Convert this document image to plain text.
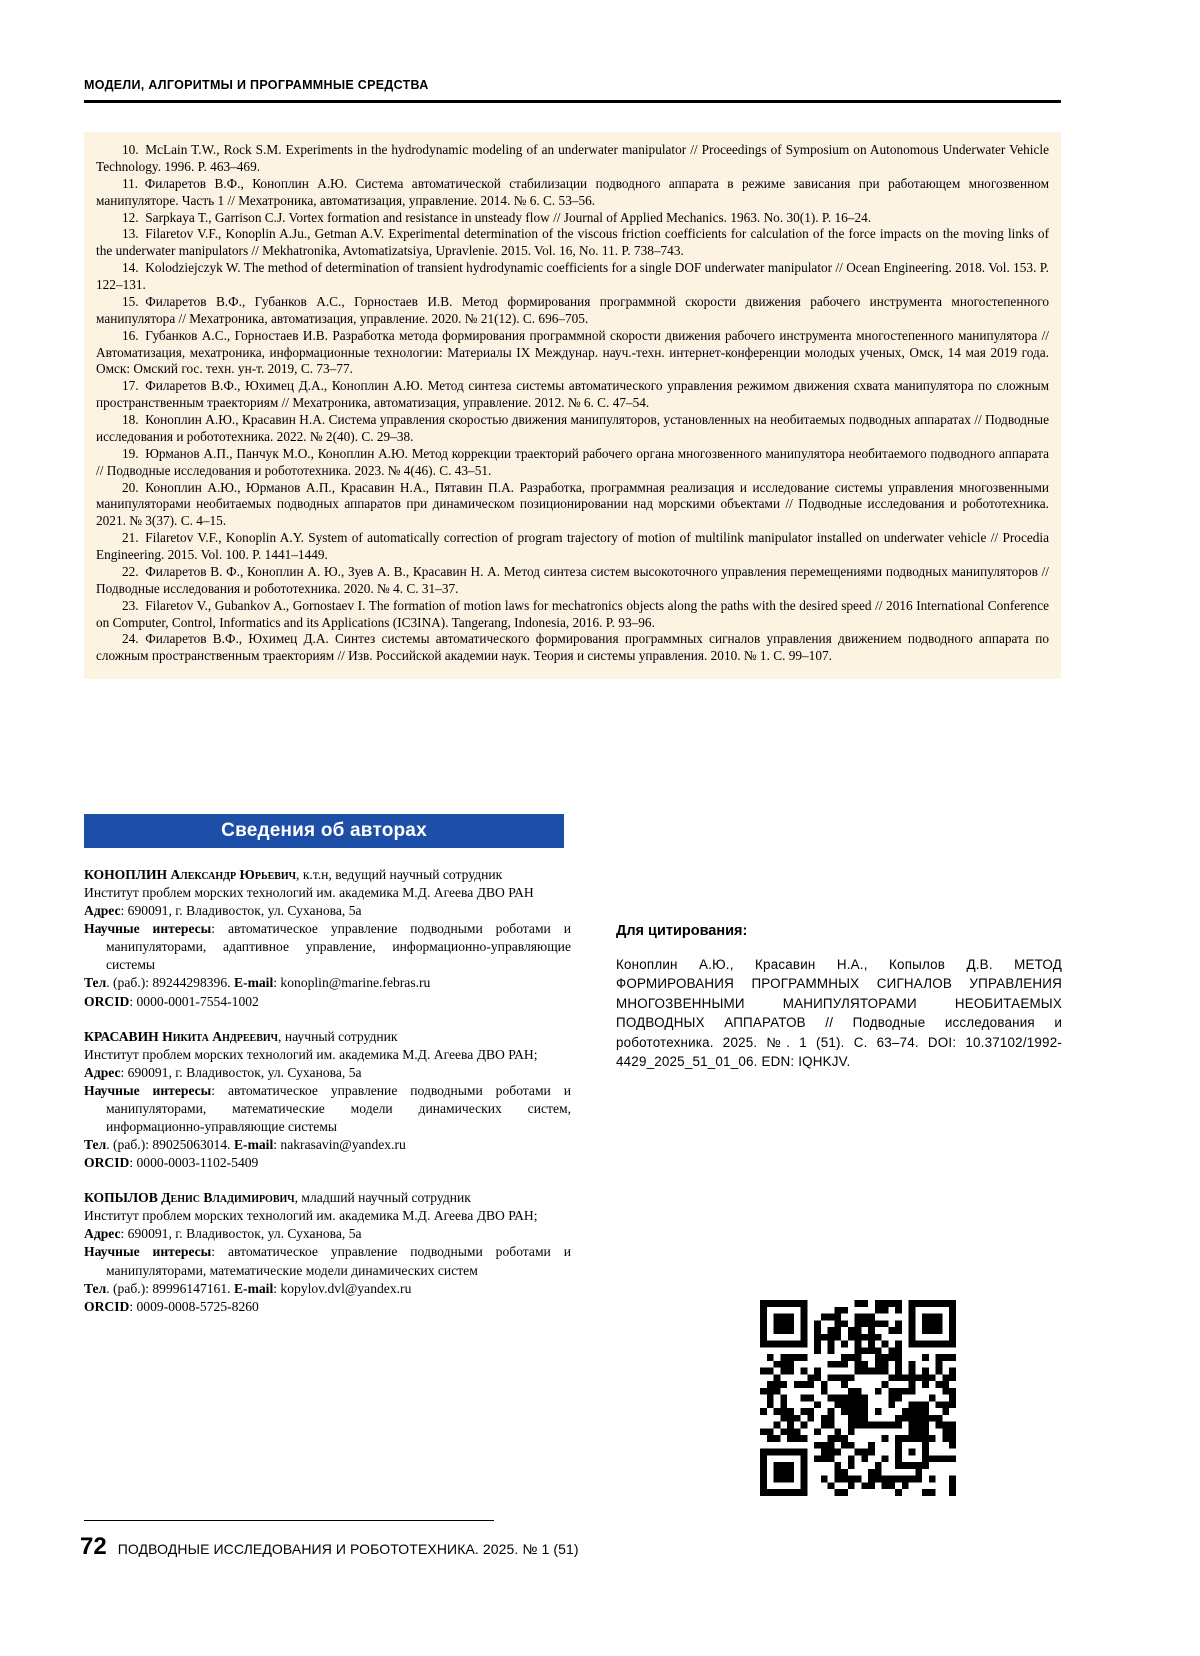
МОДЕЛИ, АЛГОРИТМЫ И ПРОГРАММНЫЕ СРЕДСТВА

10. McLain T.W., Rock S.M. Experiments in the hydrodynamic modeling of an underwater manipulator // Proceedings of Symposium on Autonomous Underwater Vehicle Technology. 1996. P. 463–469.

11. Филаретов В.Ф., Коноплин А.Ю. Система автоматической стабилизации подводного аппарата в режиме зависания при работающем многозвенном манипуляторе. Часть 1 // Мехатроника, автоматизация, управление. 2014. № 6. С. 53–56.

12. Sarpkaya T., Garrison C.J. Vortex formation and resistance in unsteady flow // Journal of Applied Mechanics. 1963. No. 30(1). P. 16–24.

13. Filaretov V.F., Konoplin A.Ju., Getman A.V. Experimental determination of the viscous friction coefficients for calculation of the force impacts on the moving links of the underwater manipulators // Mekhatronika, Avtomatizatsiya, Upravlenie. 2015. Vol. 16, No. 11. P. 738–743.

14. Kolodziejczyk W. The method of determination of transient hydrodynamic coefficients for a single DOF underwater manipulator // Ocean Engineering. 2018. Vol. 153. P. 122–131.

15. Филаретов В.Ф., Губанков А.С., Горностаев И.В. Метод формирования программной скорости движения рабочего инструмента многостепенного манипулятора // Мехатроника, автоматизация, управление. 2020. № 21(12). С. 696–705.

16. Губанков А.С., Горностаев И.В. Разработка метода формирования программной скорости движения рабочего инструмента многостепенного манипулятора // Автоматизация, мехатроника, информационные технологии: Материалы IX Междунар. науч.-техн. интернет-конференции молодых ученых, Омск, 14 мая 2019 года. Омск: Омский гос. техн. ун-т. 2019, С. 73–77.

17. Филаретов В.Ф., Юхимец Д.А., Коноплин А.Ю. Метод синтеза системы автоматического управления режимом движения схвата манипулятора по сложным пространственным траекториям // Мехатроника, автоматизация, управление. 2012. № 6. С. 47–54.

18. Коноплин А.Ю., Красавин Н.А. Система управления скоростью движения манипуляторов, установленных на необитаемых подводных аппаратах // Подводные исследования и робототехника. 2022. № 2(40). С. 29–38.

19. Юрманов А.П., Панчук М.О., Коноплин А.Ю. Метод коррекции траекторий рабочего органа многозвенного манипулятора необитаемого подводного аппарата // Подводные исследования и робототехника. 2023. № 4(46). С. 43–51.

20. Коноплин А.Ю., Юрманов А.П., Красавин Н.А., Пятавин П.А. Разработка, программная реализация и исследование системы управления многозвенными манипуляторами необитаемых подводных аппаратов при динамическом позиционировании над морскими объектами // Подводные исследования и робототехника. 2021. № 3(37). С. 4–15.

21. Filaretov V.F., Konoplin A.Y. System of automatically correction of program trajectory of motion of multilink manipulator installed on underwater vehicle // Procedia Engineering. 2015. Vol. 100. P. 1441–1449.

22. Филаретов В. Ф., Коноплин А. Ю., Зуев А. В., Красавин Н. А. Метод синтеза систем высокоточного управления перемещениями подводных манипуляторов // Подводные исследования и робототехника. 2020. № 4. С. 31–37.

23. Filaretov V., Gubankov A., Gornostaev I. The formation of motion laws for mechatronics objects along the paths with the desired speed // 2016 International Conference on Computer, Control, Informatics and its Applications (IC3INA). Tangerang, Indonesia, 2016. P. 93–96.

24. Филаретов В.Ф., Юхимец Д.А. Синтез системы автоматического формирования программных сигналов управления движением подводного аппарата по сложным пространственным траекториям // Изв. Российской академии наук. Теория и системы управления. 2010. № 1. С. 99–107.

Сведения об авторах

КОНОПЛИН Александр Юрьевич, к.т.н, ведущий научный сотрудник

Институт проблем морских технологий им. академика М.Д. Агеева ДВО РАН

Адрес: 690091, г. Владивосток, ул. Суханова, 5а

Научные интересы: автоматическое управление подводными роботами и манипуляторами, адаптивное управление, информационно-управляющие системы

Тел. (раб.): 89244298396. E-mail: konoplin@marine.febras.ru

ORCID: 0000-0001-7554-1002

КРАСАВИН Никита Андреевич, научный сотрудник

Институт проблем морских технологий им. академика М.Д. Агеева ДВО РАН;

Адрес: 690091, г. Владивосток, ул. Суханова, 5а

Научные интересы: автоматическое управление подводными роботами и манипуляторами, математические модели динамических систем, информационно-управляющие системы

Тел. (раб.): 89025063014. E-mail: nakrasavin@yandex.ru

ORCID: 0000-0003-1102-5409

КОПЫЛОВ Денис Владимирович, младший научный сотрудник

Институт проблем морских технологий им. академика М.Д. Агеева ДВО РАН;

Адрес: 690091, г. Владивосток, ул. Суханова, 5а

Научные интересы: автоматическое управление подводными роботами и манипуляторами, математические модели динамических систем

Тел. (раб.): 89996147161. E-mail: kopylov.dvl@yandex.ru

ORCID: 0009-0008-5725-8260

Для цитирования:
Коноплин А.Ю., Красавин Н.А., Копылов Д.В. МЕТОД ФОРМИРОВАНИЯ ПРОГРАММНЫХ СИГНАЛОВ УПРАВЛЕНИЯ МНОГОЗВЕННЫМИ МАНИПУЛЯТОРАМИ НЕОБИТАЕМЫХ ПОДВОДНЫХ АППАРАТОВ // Подводные исследования и робототехника. 2025. №. 1 (51). С. 63–74. DOI: 10.37102/1992-4429_2025_51_01_06. EDN: IQHKJV.
72 ПОДВОДНЫЕ ИССЛЕДОВАНИЯ И РОБОТОТЕХНИКА. 2025. № 1 (51)
